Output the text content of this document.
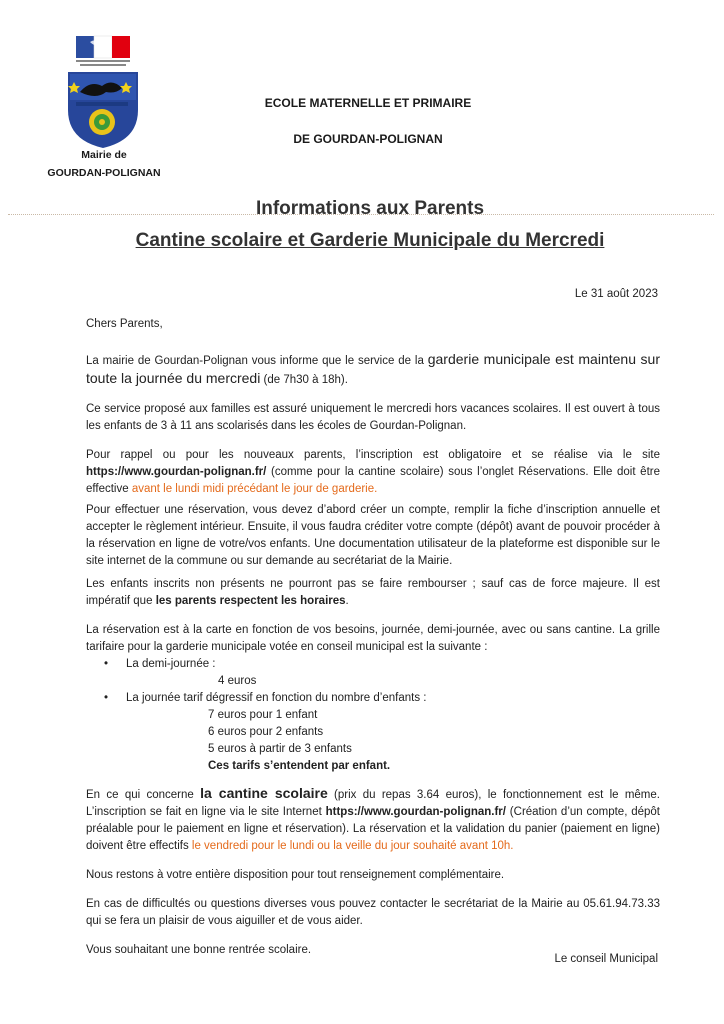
Mairie de
GOURDAN-POLIGNAN
ECOLE MATERNELLE ET PRIMAIRE
DE GOURDAN-POLIGNAN
Informations aux Parents
Cantine scolaire et Garderie Municipale du Mercredi
Le 31 août 2023

Chers Parents,

La mairie de Gourdan-Polignan vous informe que le service de la garderie municipale est maintenu sur toute la journée du mercredi (de 7h30 à 18h).

Ce service proposé aux familles est assuré uniquement le mercredi hors vacances scolaires. Il est ouvert à tous les enfants de 3 à 11 ans scolarisés dans les écoles de Gourdan-Polignan.

Pour rappel ou pour les nouveaux parents, l’inscription est obligatoire et se réalise via le site https://www.gourdan-polignan.fr/ (comme pour la cantine scolaire) sous l’onglet Réservations. Elle doit être effective avant le lundi midi précédant le jour de garderie.

Pour effectuer une réservation, vous devez d’abord créer un compte, remplir la fiche d’inscription annuelle et accepter le règlement intérieur. Ensuite, il vous faudra créditer votre compte (dépôt) avant de pouvoir procéder à la réservation en ligne de votre/vos enfants. Une documentation utilisateur de la plateforme est disponible sur le site internet de la commune ou sur demande au secrétariat de la Mairie.

Les enfants inscrits non présents ne pourront pas se faire rembourser ; sauf cas de force majeure. Il est impératif que les parents respectent les horaires.

La réservation est à la carte en fonction de vos besoins, journée, demi-journée, avec ou sans cantine. La grille tarifaire pour la garderie municipale votée en conseil municipal est la suivante :

• La demi-journée :
4 euros
• La journée tarif dégressif en fonction du nombre d’enfants :
7 euros pour 1 enfant
6 euros pour 2 enfants
5 euros à partir de 3 enfants
Ces tarifs s’entendent par enfant.

En ce qui concerne la cantine scolaire (prix du repas 3.64 euros), le fonctionnement est le même. L’inscription se fait en ligne via le site Internet https://www.gourdan-polignan.fr/ (Création d’un compte, dépôt préalable pour le paiement en ligne et réservation). La réservation et la validation du panier (paiement en ligne) doivent être effectifs le vendredi pour le lundi ou la veille du jour souhaité avant 10h.

Nous restons à votre entière disposition pour tout renseignement complémentaire.

En cas de difficultés ou questions diverses vous pouvez contacter le secrétariat de la Mairie au 05.61.94.73.33 qui se fera un plaisir de vous aiguiller et de vous aider.

Vous souhaitant une bonne rentrée scolaire.

Le conseil Municipal
